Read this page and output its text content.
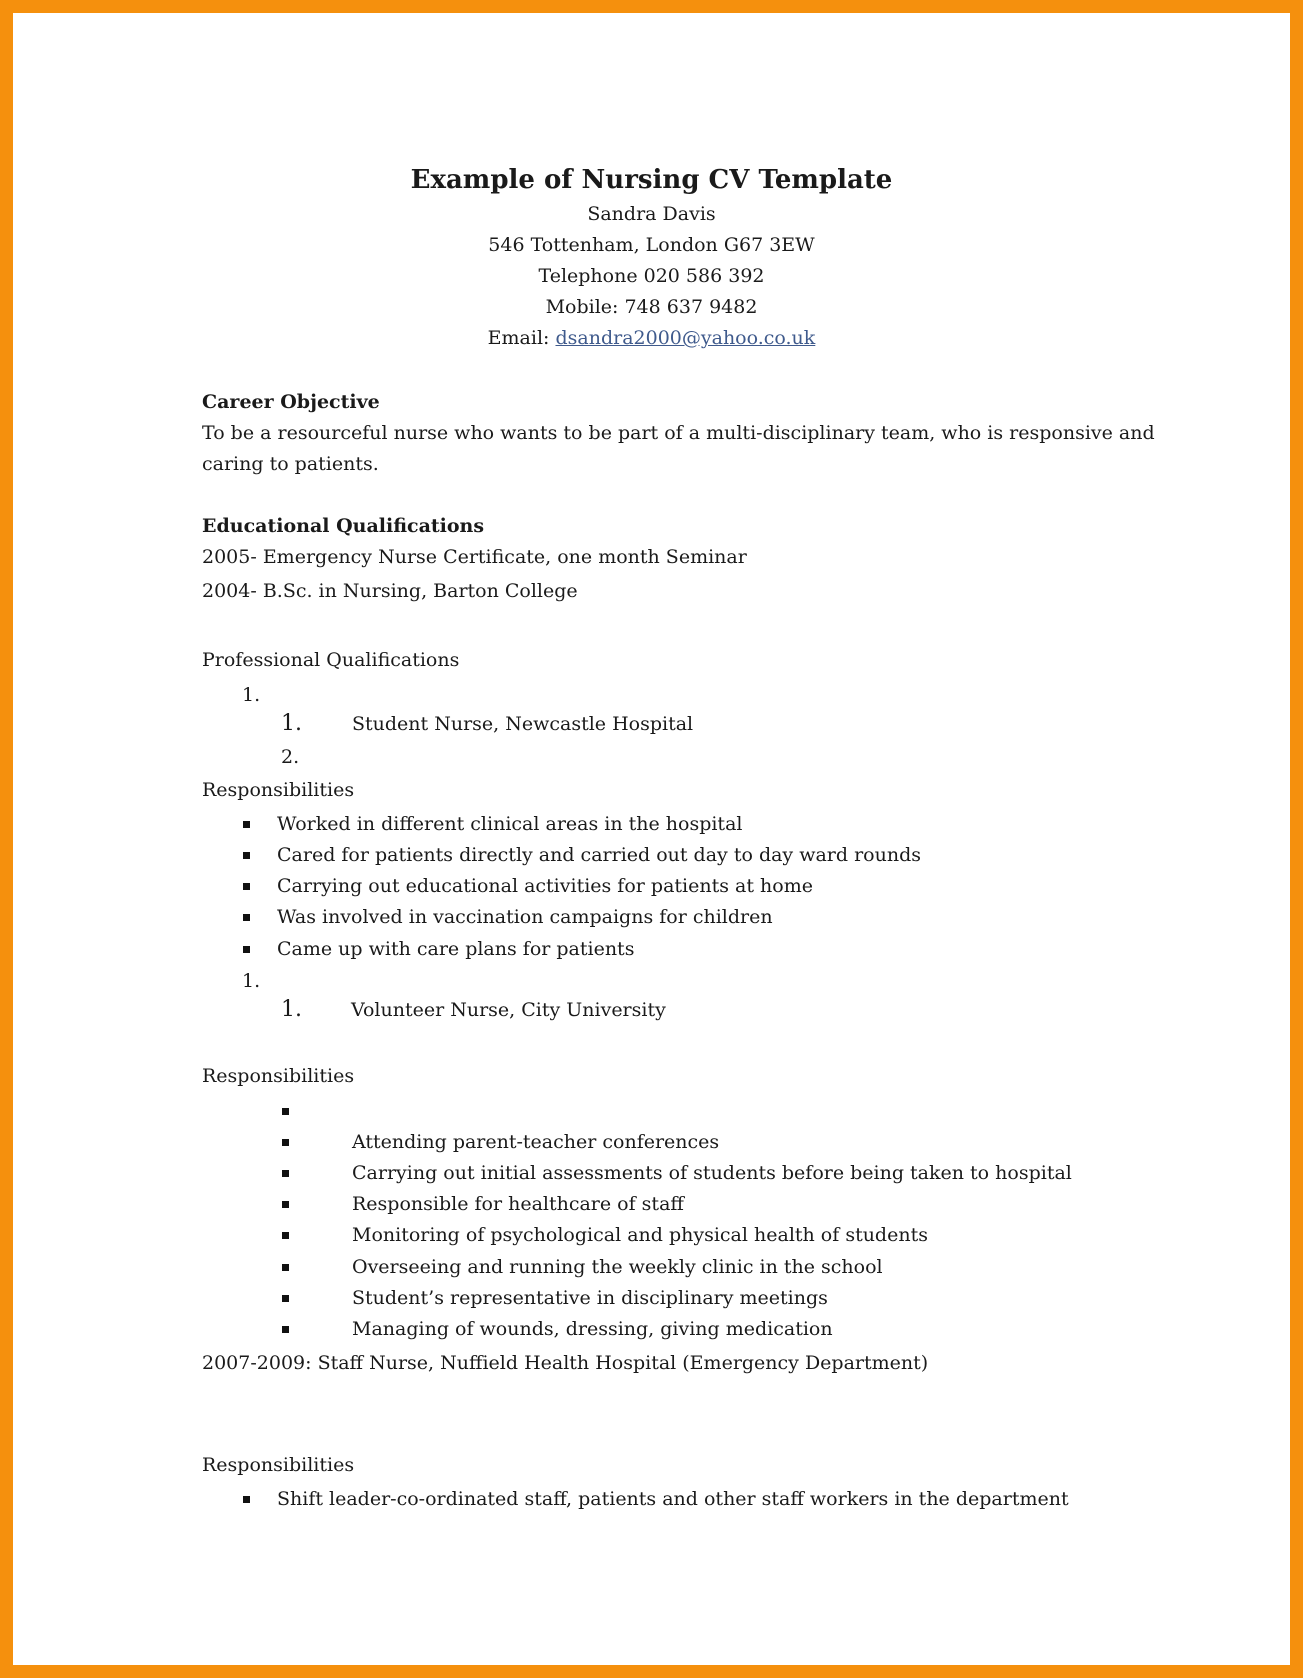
Example of Nursing CV Template
Sandra Davis
546 Tottenham, London G67 3EW
Telephone 020 586 392
Mobile: 748 637 9482
Email: dsandra2000@yahoo.co.uk
Career Objective
To be a resourceful nurse who wants to be part of a multi-disciplinary team, who is responsive and
caring to patients.
Educational Qualifications
2005- Emergency Nurse Certificate, one month Seminar
2004- B.Sc. in Nursing, Barton College
Professional Qualifications
1.
1.	Student Nurse, Newcastle Hospital
2.
Responsibilities
Worked in different clinical areas in the hospital
Cared for patients directly and carried out day to day ward rounds
Carrying out educational activities for patients at home
Was involved in vaccination campaigns for children
Came up with care plans for patients
1.
1.	Volunteer Nurse, City University
Responsibilities
Attending parent-teacher conferences
Carrying out initial assessments of students before being taken to hospital
Responsible for healthcare of staff
Monitoring of psychological and physical health of students
Overseeing and running the weekly clinic in the school
Student’s representative in disciplinary meetings
Managing of wounds, dressing, giving medication
2007-2009: Staff Nurse, Nuffield Health Hospital (Emergency Department)
Responsibilities
Shift leader-co-ordinated staff, patients and other staff workers in the department
